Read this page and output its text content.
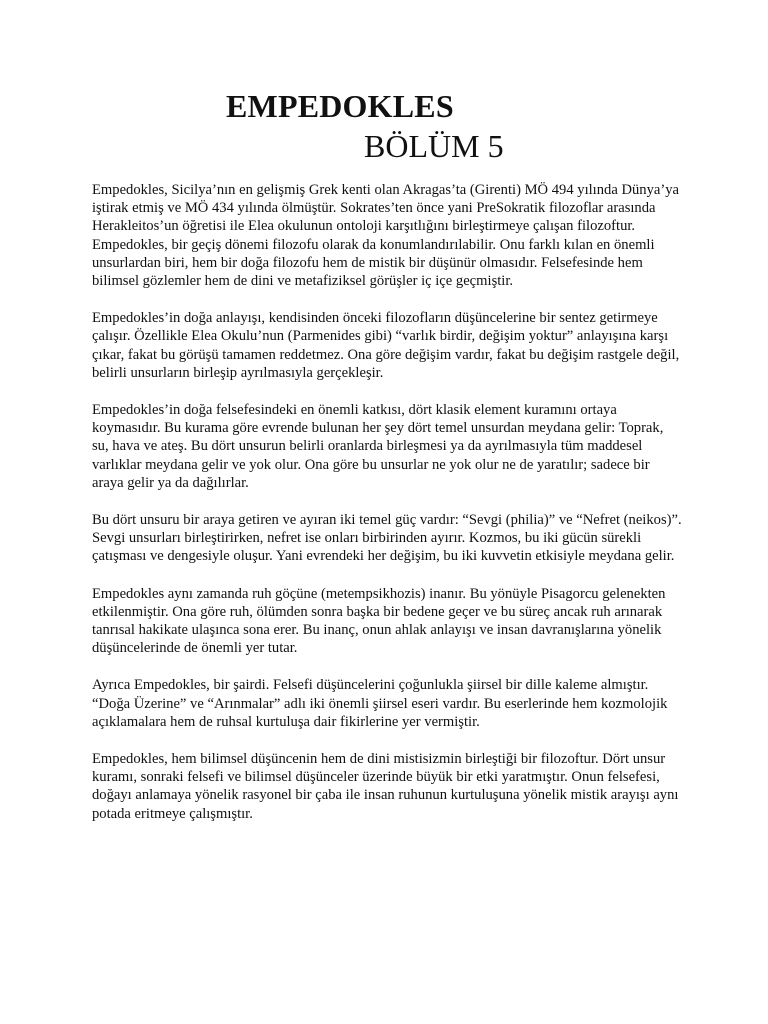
EMPEDOKLES
BÖLÜM 5

Empedokles, Sicilya’nın en gelişmiş Grek kenti olan Akragas’ta (Girenti) MÖ 494 yılında Dünya’ya iştirak etmiş ve MÖ 434 yılında ölmüştür. Sokrates’ten önce yani PreSokratik filozoflar arasında Herakleitos’un öğretisi ile Elea okulunun ontoloji karşıtlığını birleştirmeye çalışan filozoftur. Empedokles, bir geçiş dönemi filozofu olarak da konumlandırılabilir. Onu farklı kılan en önemli unsurlardan biri, hem bir doğa filozofu hem de mistik bir düşünür olmasıdır. Felsefesinde hem bilimsel gözlemler hem de dini ve metafiziksel görüşler iç içe geçmiştir.

Empedokles’in doğa anlayışı, kendisinden önceki filozofların düşüncelerine bir sentez getirmeye çalışır. Özellikle Elea Okulu’nun (Parmenides gibi) “varlık birdir, değişim yoktur” anlayışına karşı çıkar, fakat bu görüşü tamamen reddetmez. Ona göre değişim vardır, fakat bu değişim rastgele değil, belirli unsurların birleşip ayrılmasıyla gerçekleşir.

Empedokles’in doğa felsefesindeki en önemli katkısı, dört klasik element kuramını ortaya koymasıdır. Bu kurama göre evrende bulunan her şey dört temel unsurdan meydana gelir: Toprak, su, hava ve ateş. Bu dört unsurun belirli oranlarda birleşmesi ya da ayrılmasıyla tüm maddesel varlıklar meydana gelir ve yok olur. Ona göre bu unsurlar ne yok olur ne de yaratılır; sadece bir araya gelir ya da dağılırlar.

Bu dört unsuru bir araya getiren ve ayıran iki temel güç vardır: “Sevgi (philia)” ve “Nefret (neikos)”. Sevgi unsurları birleştirirken, nefret ise onları birbirinden ayırır. Kozmos, bu iki gücün sürekli çatışması ve dengesiyle oluşur. Yani evrendeki her değişim, bu iki kuvvetin etkisiyle meydana gelir.

Empedokles aynı zamanda ruh göçüne (metempsikhozis) inanır. Bu yönüyle Pisagorcu gelenekten etkilenmiştir. Ona göre ruh, ölümden sonra başka bir bedene geçer ve bu süreç ancak ruh arınarak tanrısal hakikate ulaşınca sona erer. Bu inanç, onun ahlak anlayışı ve insan davranışlarına yönelik düşüncelerinde de önemli yer tutar.

Ayrıca Empedokles, bir şairdi. Felsefi düşüncelerini çoğunlukla şiirsel bir dille kaleme almıştır. “Doğa Üzerine” ve “Arınmalar” adlı iki önemli şiirsel eseri vardır. Bu eserlerinde hem kozmolojik açıklamalara hem de ruhsal kurtuluşa dair fikirlerine yer vermiştir.

Empedokles, hem bilimsel düşüncenin hem de dini mistisizmin birleştiği bir filozoftur. Dört unsur kuramı, sonraki felsefi ve bilimsel düşünceler üzerinde büyük bir etki yaratmıştır. Onun felsefesi, doğayı anlamaya yönelik rasyonel bir çaba ile insan ruhunun kurtuluşuna yönelik mistik arayışı aynı potada eritmeye çalışmıştır.
